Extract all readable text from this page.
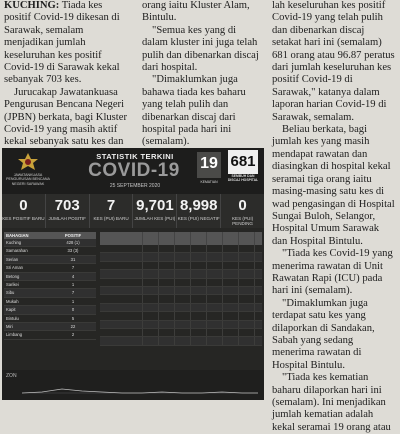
KUCHING: Tiada kes positif Covid-19 dikesan di Sarawak, semalam menjadikan jumlah keseluruhan kes positif Covid-19 di Sarawak kekal sebanyak 703 kes.

Jurucakap Jawatankuasa Pengurusan Bencana Negeri (JPBN) berkata, bagi Kluster Covid-19 yang masih aktif kekal sebanyak satu kes dan

orang iaitu Kluster Alam, Bintulu.

"Semua kes yang di dalam kluster ini juga telah pulih dan dibenarkan discaj dari hospital.

"Dimaklumkan juga bahawa tiada kes baharu yang telah pulih dan dibenarkan discaj dari hospital pada hari ini (semalam).

lah keseluruhan kes positif Covid-19 yang telah pulih dan dibenarkan discaj setakat hari ini (semalam) 681 orang atau 96.87 peratus dari jumlah keseluruhan kes positif Covid-19 di Sarawak," katanya dalam laporan harian Covid-19 di Sarawak, semalam.

Beliau berkata, bagi jumlah kes yang masih mendapat rawatan dan diasingkan di hospital kekal seramai tiga orang iaitu masing-masing satu kes di wad pengasingan di Hospital Sungai Buloh, Selangor, Hospital Umum Sarawak dan Hospital Bintulu.

"Tiada kes Covid-19 yang menerima rawatan di Unit Rawatan Rapi (ICU) pada hari ini (semalam).

"Dimaklumkan juga terdapat satu kes yang dilaporkan di Sandakan, Sabah yang sedang menerima rawatan di Hospital Bintulu.

"Tiada kes kematian baharu dilaporkan hari ini (semalam). Ini menjadikan jumlah kematian adalah kekal seramai 19 orang atau

JAWATANKUASA PENGURUSAN BENCANA NEGERI SARAWAK
STATISTIK TERKINI
COVID-19
25 SEPTEMBER 2020
19
KEMATIAN
681
SEMBUH DAN DISCAJ HOSPITAL
0
KES POSITIF BARU
703
JUMLAH POSITIF
7
KES (PUI) BARU
9,701
JUMLAH KES (PUI)
8,998
KES (PUI) NEGATIF
0
KES (PUI) PENDING
BAHAGIAN	POSITIF
Kuching	428 (1)
Samarahan	33 (3)
Serian	31
Sri Aman	7
Betong	4
Sarikei	1
Sibu	7
Mukah	1
Kapit	0
Bintulu	5
Miri	22
Limbang	2
ZON
